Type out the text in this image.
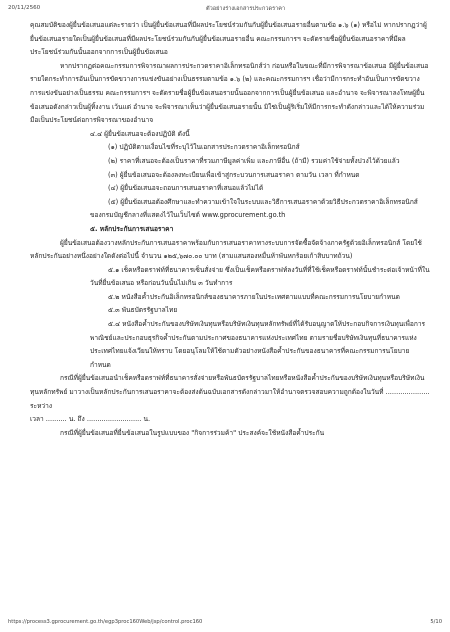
20/11/2560	ตัวอย่างร่างเอกสารประกวดราคา

คุณสมบัติของผู้ยื่นข้อเสนอแต่ละรายว่า เป็นผู้ยื่นข้อเสนอที่มีผลประโยชน์ร่วมกันกับผู้ยื่นข้อเสนอรายอื่นตามข้อ ๑.๖ (๑) หรือไม่ หากปรากฏว่าผู้ยื่นข้อเสนอรายใดเป็นผู้ยื่นข้อเสนอที่มีผลประโยชน์ร่วมกันกับผู้ยื่นข้อเสนอรายอื่น คณะกรรมการฯ จะตัดรายชื่อผู้ยื่นข้อเสนอราคาที่มีผลประโยชน์ร่วมกันนั้นออกจากการเป็นผู้ยื่นข้อเสนอ

หากปรากฏต่อคณะกรรมการพิจารณาผลการประกวดราคาอิเล็กทรอนิกส์ว่า ก่อนหรือในขณะที่มีการพิจารณาข้อเสนอ มีผู้ยื่นข้อเสนอรายใดกระทำการอันเป็นการขัดขวางการแข่งขันอย่างเป็นธรรมตามข้อ ๑.๖ (๒) และคณะกรรมการฯ เชื่อว่ามีการกระทำอันเป็นการขัดขวางการแข่งขันอย่างเป็นธรรม คณะกรรมการฯ จะตัดรายชื่อผู้ยื่นข้อเสนอรายนั้นออกจากการเป็นผู้ยื่นข้อเสนอ และอำนาจ จะพิจารณาลงโทษผู้ยื่นข้อเสนอดังกล่าวเป็นผู้ทิ้งงาน เว้นแต่ อำนาจ จะพิจารณาเห็นว่าผู้ยื่นข้อเสนอรายนั้น มิใช่เป็นผู้ริเริ่มให้มีการกระทำดังกล่าวและได้ให้ความร่วมมือเป็นประโยชน์ต่อการพิจารณาของอำนาจ

๔.๔ ผู้ยื่นข้อเสนอจะต้องปฏิบัติ ดังนี้

(๑) ปฏิบัติตามเงื่อนไขที่ระบุไว้ในเอกสารประกวดราคาอิเล็กทรอนิกส์

(๒) ราคาที่เสนอจะต้องเป็นราคาที่รวมภาษีมูลค่าเพิ่ม และภาษีอื่น (ถ้ามี) รวมค่าใช้จ่ายทั้งปวงไว้ด้วยแล้ว

(๓) ผู้ยื่นข้อเสนอจะต้องลงทะเบียนเพื่อเข้าสู่กระบวนการเสนอราคา ตามวัน เวลา ที่กำหนด

(๔) ผู้ยื่นข้อเสนอจะถอนการเสนอราคาที่เสนอแล้วไม่ได้

(๕) ผู้ยื่นข้อเสนอต้องศึกษาและทำความเข้าใจในระบบและวิธีการเสนอราคาด้วยวิธีประกวดราคาอิเล็กทรอนิกส์ ของกรมบัญชีกลางที่แสดงไว้ในเว็บไซต์ www.gprocurement.go.th

๕. หลักประกันการเสนอราคา

ผู้ยื่นข้อเสนอต้องวางหลักประกันการเสนอราคาพร้อมกับการเสนอราคาทางระบบการจัดซื้อจัดจ้างภาครัฐด้วยอิเล็กทรอนิกส์ โดยใช้หลักประกันอย่างหนึ่งอย่างใดดังต่อไปนี้ จำนวน ๑๒๕,๖๗๐.๐๐ บาท (สามแสนสองหมื่นห้าพันหกร้อยเก้าสิบบาทถ้วน)

๕.๑ เช็คหรือดราฟท์ที่ธนาคารเซ็นสั่งจ่าย ซึ่งเป็นเช็คหรือดราฟท์ลงวันที่ที่ใช้เช็คหรือดราฟท์นั้นชำระต่อเจ้าหน้าที่ในวันที่ยื่นข้อเสนอ หรือก่อนวันนั้นไม่เกิน ๓ วันทำการ

๕.๒ หนังสือค้ำประกันอิเล็กทรอนิกส์ของธนาคารภายในประเทศตามแบบที่คณะกรรมการนโยบายกำหนด

๕.๓ พันธบัตรรัฐบาลไทย

๕.๔ หนังสือค้ำประกันของบริษัทเงินทุนหรือบริษัทเงินทุนหลักทรัพย์ที่ได้รับอนุญาตให้ประกอบกิจการเงินทุนเพื่อการพาณิชย์และประกอบธุรกิจค้ำประกันตามประกาศของธนาคารแห่งประเทศไทย ตามรายชื่อบริษัทเงินทุนที่ธนาคารแห่งประเทศไทยแจ้งเวียนให้ทราบ โดยอนุโลมให้ใช้ตามตัวอย่างหนังสือค้ำประกันของธนาคารที่คณะกรรมการนโยบายกำหนด

กรณีที่ผู้ยื่นข้อเสนอนำเช็คหรือดราฟท์ที่ธนาคารสั่งจ่ายหรือพันธบัตรรัฐบาลไทยหรือหนังสือค้ำประกันของบริษัทเงินทุนหรือบริษัทเงินทุนหลักทรัพย์ มาวางเป็นหลักประกันการเสนอราคาจะต้องส่งต้นฉบับเอกสารดังกล่าวมาให้อำนาจตรวจสอบความถูกต้องในวันที่ ..................... ระหว่าง

เวลา .......... น. ถึง .......................... น.

กรณีที่ผู้ยื่นข้อเสนอที่ยื่นข้อเสนอในรูปแบบของ "กิจการร่วมค้า" ประสงค์จะใช้หนังสือค้ำประกัน

https://process3.gprocurement.go.th/egp3proc160Web/jsp/control.proc160	5/10
